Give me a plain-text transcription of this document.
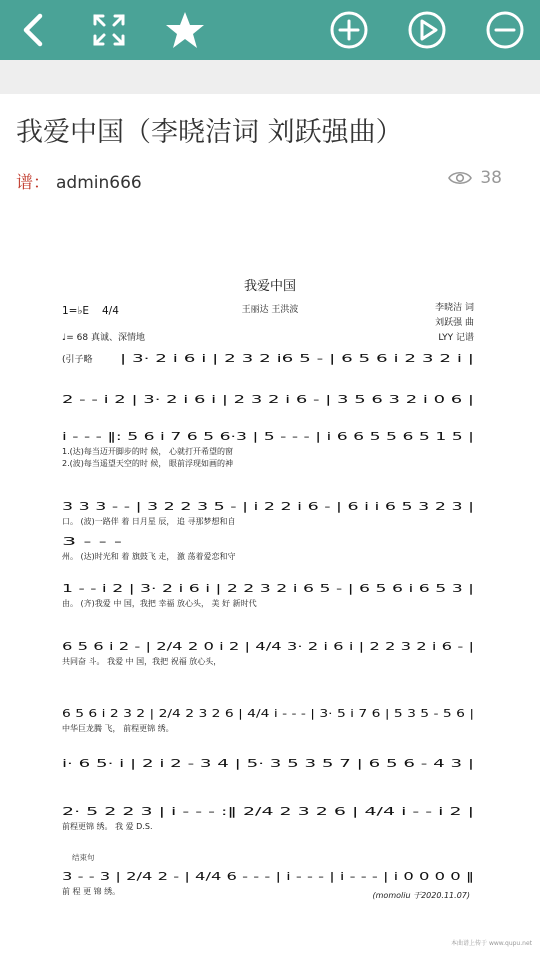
我爱中国（李晓洁词 刘跃强曲）
谱： admin666	38
我爱中国
王丽达 王洪波
1=♭E 4/4	李晓洁 词
刘跃强 曲
LYY 记谱
♩= 68 真诚、深情地
| 3· 2 i 6 i | 2 3 2 i6 5 - | 6 5 6 i 2 3 2 i |
2 - - i 2 | 3· 2 i 6 i | 2 3 2 i 6 - | 3 5 6 3 2 i 0 6 |
i - - - ‖: 5 6 i 7 6 5 6·3 | 5 - - - | i 6 6 5 5 6 5 1 5 |
1.(达)每当迈开脚步的时 候， 心就打开希望的窗
2.(波)每当遥望天空的时 候， 眼前浮现如画的神
3 3 3 - - | 3 2 2 3 5 - | i 2 2 i 6 - | 6 i i 6 5 3 2 3 |
口。 (波)一路伴 着 日月星 辰， 追 寻那梦想和自
3 - - -
州。 (达)时光和 着 旗鼓飞 走， 激 荡着爱恋和守
1 - - i 2 | 3· 2 i 6 i | 2 2 3 2 i 6 5 - | 6 5 6 i 6 5 3 |
由。 (齐)我爱 中 国，我把 幸福 放心头， 美 好 新时代
6 5 6 i 2 - | 2/4 2 0 i 2 | 4/4 3· 2 i 6 i | 2 2 3 2 i 6 - |
共同奋 斗。 我爱 中 国，我把 祝福 放心头，
6 5 6 i 2 3 2 | 2/4 2 3 2 6 | 4/4 i - - - | 3· 5 i 7 6 | 5 3 5 - 5 6 |
中华巨龙腾 飞， 前程更锦 绣。
i· 6 5· i | 2 i 2 - 3 4 | 5· 3 5 3 5 7 | 6 5 6 - 4 3 |
2· 5 2 2 3 | i - - - :‖ 2/4 2 3 2 6 | 4/4 i - - i 2 |
前程更锦 绣。 我 爱 D.S.
3 - - 3 | 2/4 2 - | 4/4 6 - - - | i - - - | i - - - | i 0 0 0 0 ‖
前 程 更 锦 绣。
(引子略
结束句
(momoliu 于2020.11.07)
本曲谱上传于 www.qupu.net
